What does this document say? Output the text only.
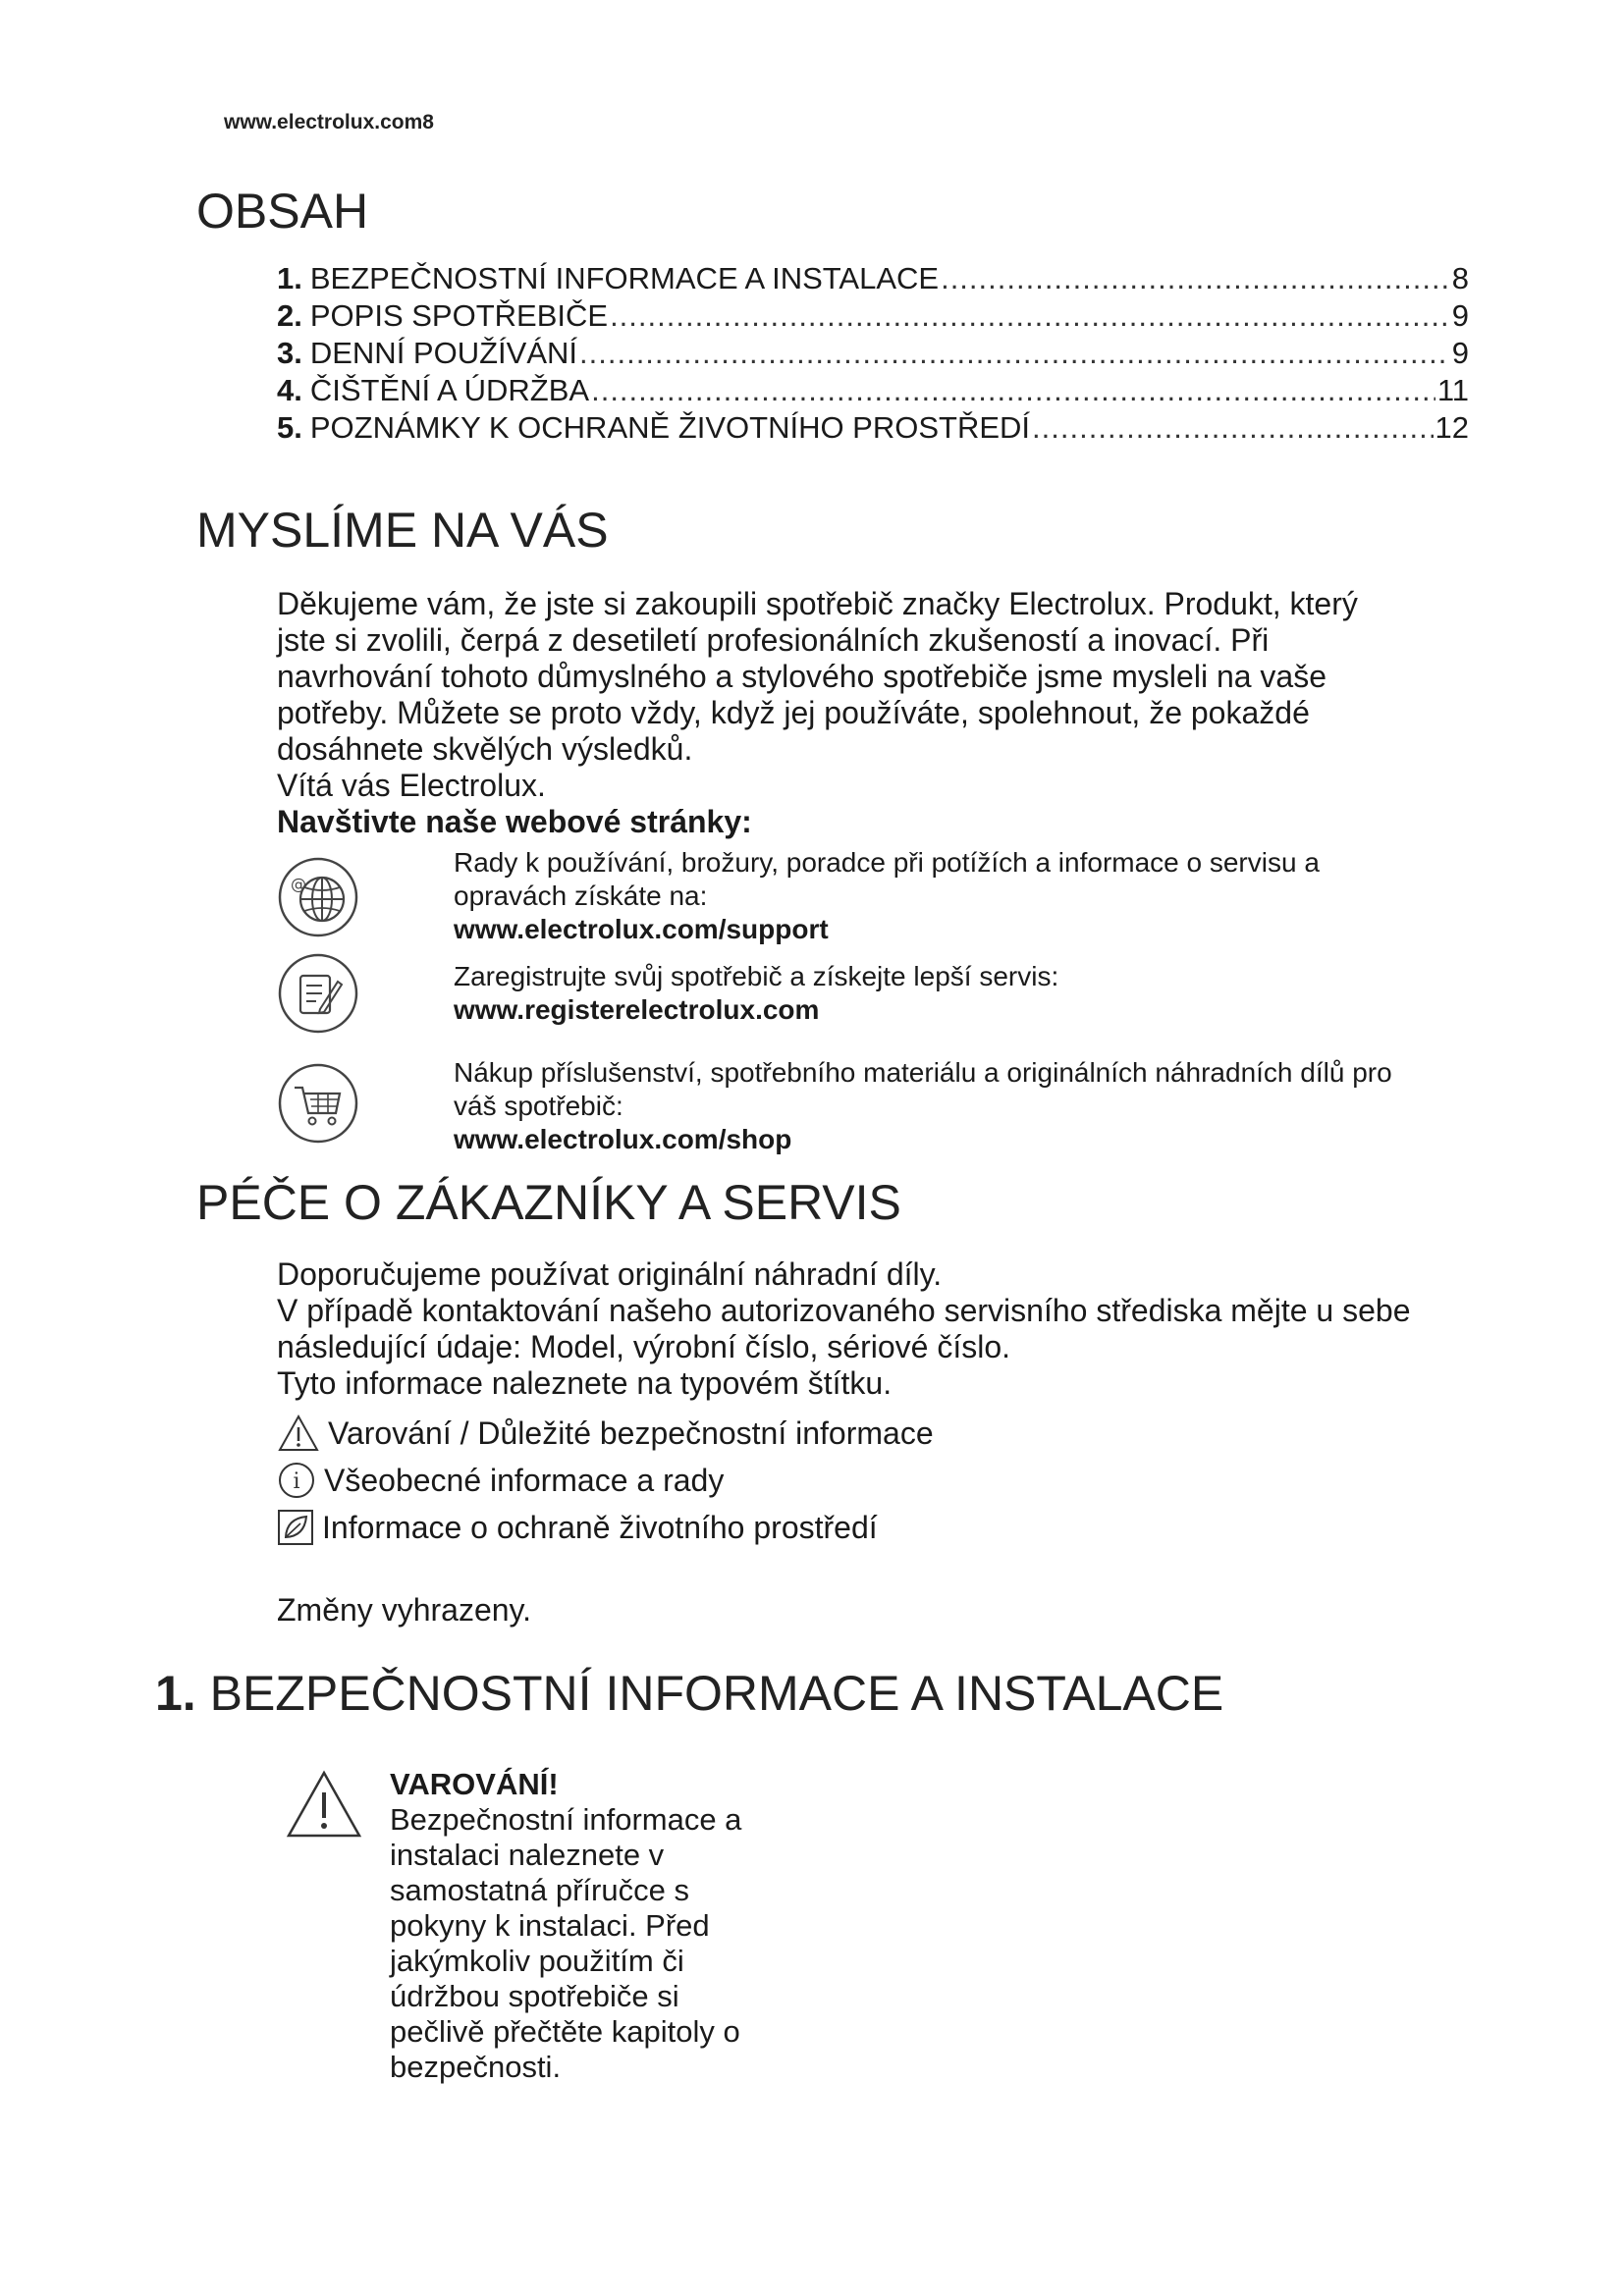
www.electrolux.com8
OBSAH
1. BEZPEČNOSTNÍ INFORMACE A INSTALACE .....	8
2. POPIS SPOTŘEBIČE .....	9
3. DENNÍ POUŽÍVÁNÍ .....	9
4. ČIŠTĚNÍ A ÚDRŽBA .....	11
5. POZNÁMKY K OCHRANĚ ŽIVOTNÍHO PROSTŘEDÍ .....	12
MYSLÍME NA VÁS

Děkujeme vám, že jste si zakoupili spotřebič značky Electrolux. Produkt, který

jste si zvolili, čerpá z desetiletí profesionálních zkušeností a inovací. Při

navrhování tohoto důmyslného a stylového spotřebiče jsme mysleli na vaše

potřeby. Můžete se proto vždy, když jej používáte, spolehnout, že pokaždé

dosáhnete skvělých výsledků.

Vítá vás Electrolux.

Navštivte naše webové stránky:

@
Rady k používání, brožury, poradce při potížích a informace o servisu a
opravách získáte na:
www.electrolux.com/support
Zaregistrujte svůj spotřebič a získejte lepší servis:
www.registerelectrolux.com
Nákup příslušenství, spotřebního materiálu a originálních náhradních dílů pro
váš spotřebič:
www.electrolux.com/shop
PÉČE O ZÁKAZNÍKY A SERVIS

Doporučujeme používat originální náhradní díly.

V případě kontaktování našeho autorizovaného servisního střediska mějte u sebe

následující údaje: Model, výrobní číslo, sériové číslo.

Tyto informace naleznete na typovém štítku.

Varování / Důležité bezpečnostní informace
i Všeobecné informace a rady
Informace o ochraně životního prostředí

Změny vyhrazeny.

1. BEZPEČNOSTNÍ INFORMACE A INSTALACE
VAROVÁNÍ!
Bezpečnostní informace a
instalaci naleznete v
samostatná příručce s
pokyny k instalaci. Před
jakýmkoliv použitím či
údržbou spotřebiče si
pečlivě přečtěte kapitoly o
bezpečnosti.
